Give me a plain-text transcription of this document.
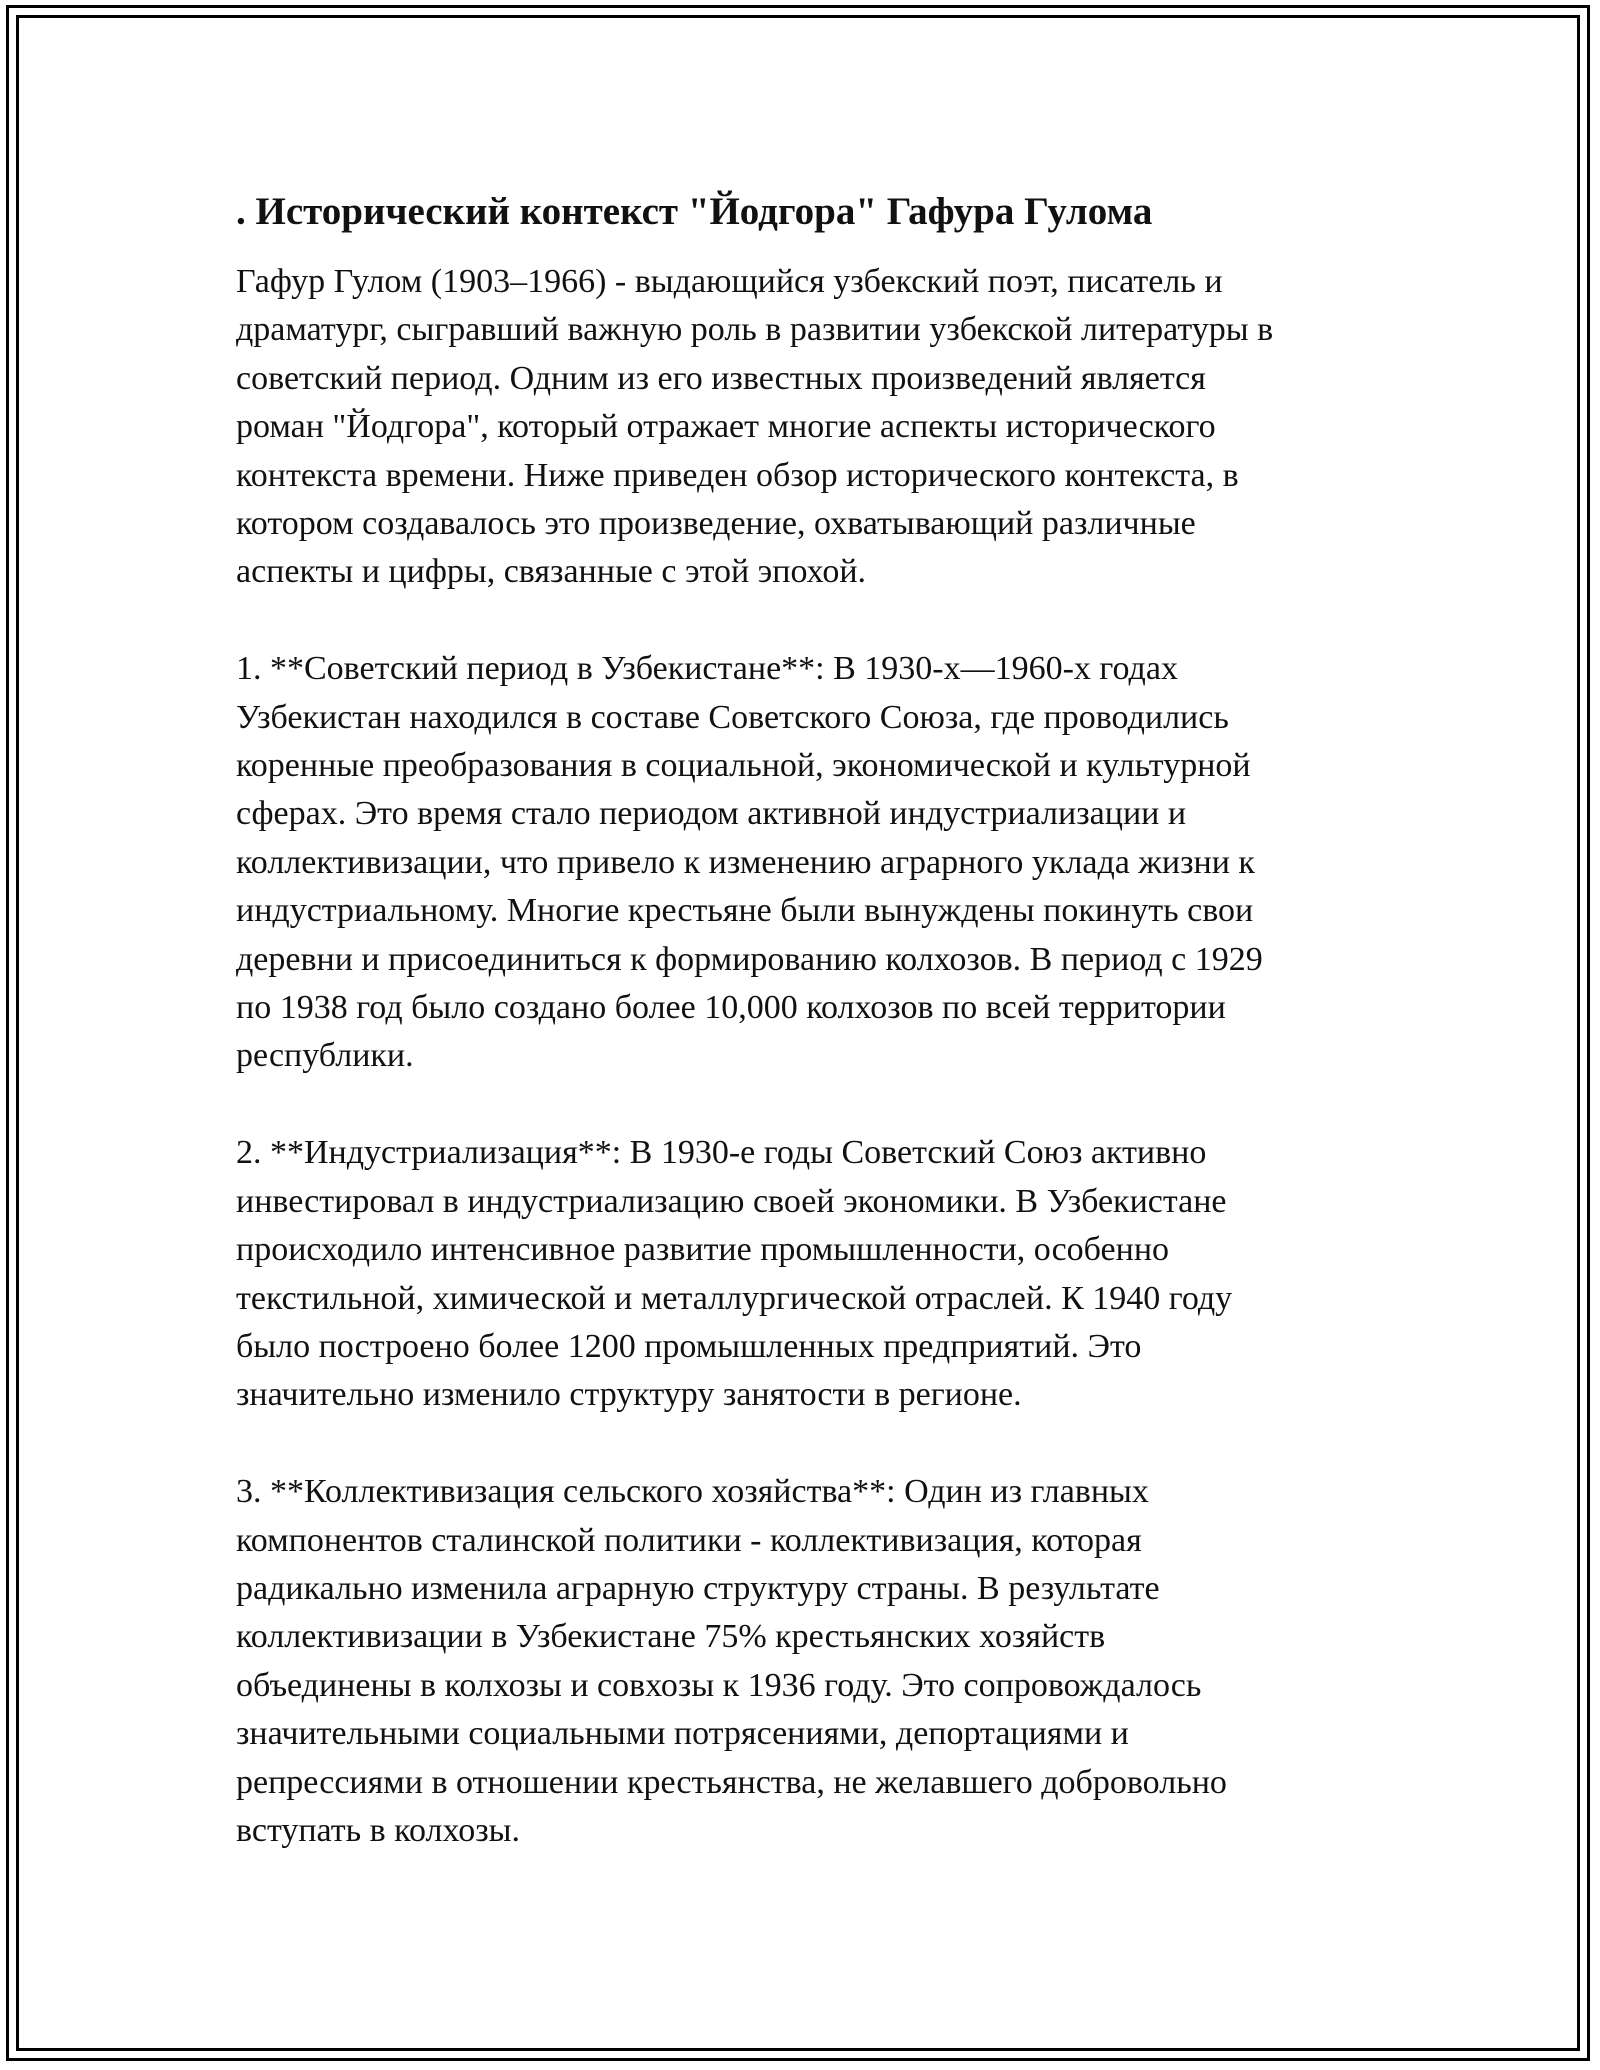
. Исторический контекст "Йодгора" Гафура Гулома

Гафур Гулом (1903–1966) - выдающийся узбекский поэт, писатель и
драматург, сыгравший важную роль в развитии узбекской литературы в
советский период. Одним из его известных произведений является
роман "Йодгора", который отражает многие аспекты исторического
контекста времени. Ниже приведен обзор исторического контекста, в
котором создавалось это произведение, охватывающий различные
аспекты и цифры, связанные с этой эпохой.

1. **Советский период в Узбекистане**: В 1930-х—1960-х годах
Узбекистан находился в составе Советского Союза, где проводились
коренные преобразования в социальной, экономической и культурной
сферах. Это время стало периодом активной индустриализации и
коллективизации, что привело к изменению аграрного уклада жизни к
индустриальному. Многие крестьяне были вынуждены покинуть свои
деревни и присоединиться к формированию колхозов. В период с 1929
по 1938 год было создано более 10,000 колхозов по всей территории
республики.

2. **Индустриализация**: В 1930-е годы Советский Союз активно
инвестировал в индустриализацию своей экономики. В Узбекистане
происходило интенсивное развитие промышленности, особенно
текстильной, химической и металлургической отраслей. К 1940 году
было построено более 1200 промышленных предприятий. Это
значительно изменило структуру занятости в регионе.

3. **Коллективизация сельского хозяйства**: Один из главных
компонентов сталинской политики - коллективизация, которая
радикально изменила аграрную структуру страны. В результате
коллективизации в Узбекистане 75% крестьянских хозяйств
объединены в колхозы и совхозы к 1936 году. Это сопровождалось
значительными социальными потрясениями, депортациями и
репрессиями в отношении крестьянства, не желавшего добровольно
вступать в колхозы.
